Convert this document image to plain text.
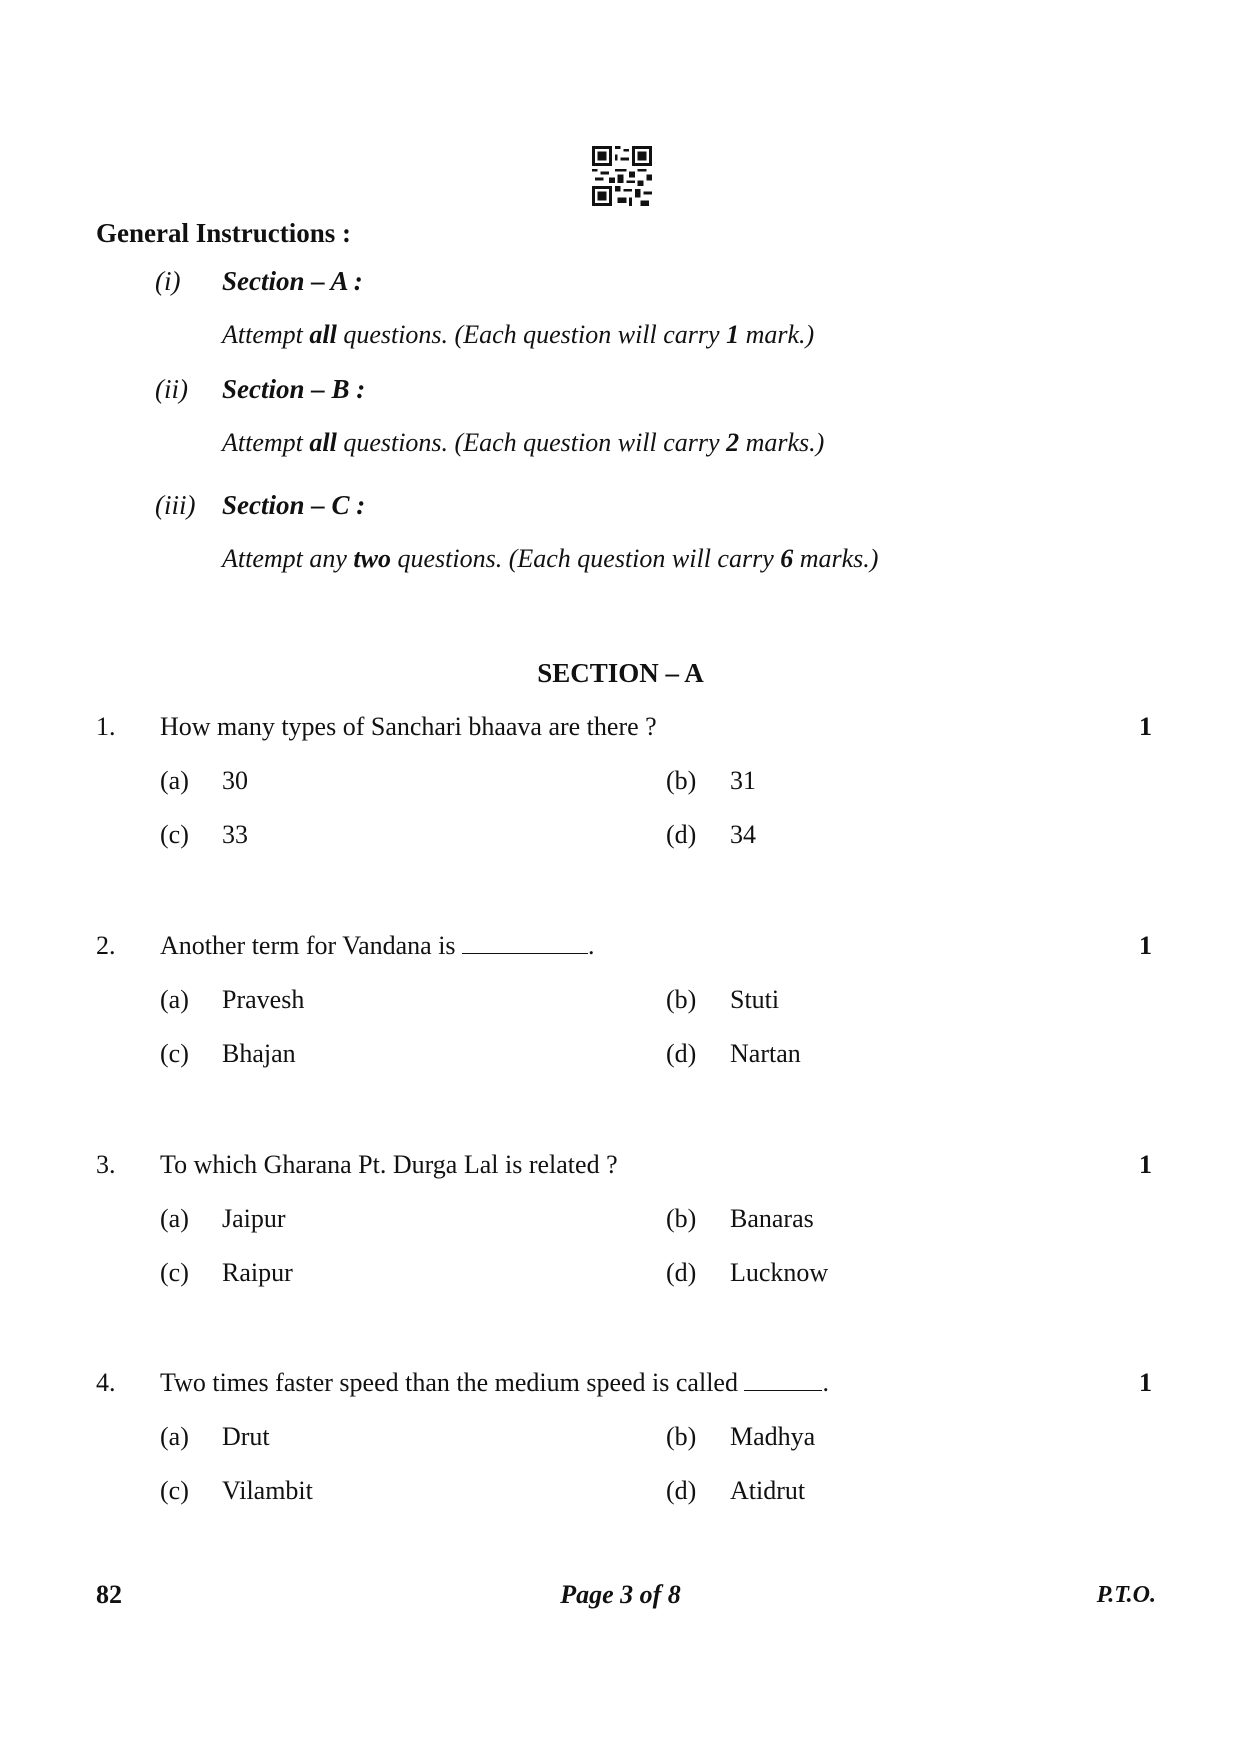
General Instructions :
(i) Section – A :
Attempt all questions. (Each question will carry 1 mark.)
(ii) Section – B :
Attempt all questions. (Each question will carry 2 marks.)
(iii) Section – C :
Attempt any two questions. (Each question will carry 6 marks.)
SECTION – A
1. How many types of Sanchari bhaava are there ?	1
(a) 30	(b) 31
(c) 33	(d) 34
2. Another term for Vandana is	.	1
(a) Pravesh	(b) Stuti
(c) Bhajan	(d) Nartan
3. To which Gharana Pt. Durga Lal is related ?	1
(a) Jaipur	(b) Banaras
(c) Raipur	(d) Lucknow
4. Two times faster speed than the medium speed is called	.	1
(a) Drut	(b) Madhya
(c) Vilambit	(d) Atidrut
82	Page 3 of 8	P.T.O.
